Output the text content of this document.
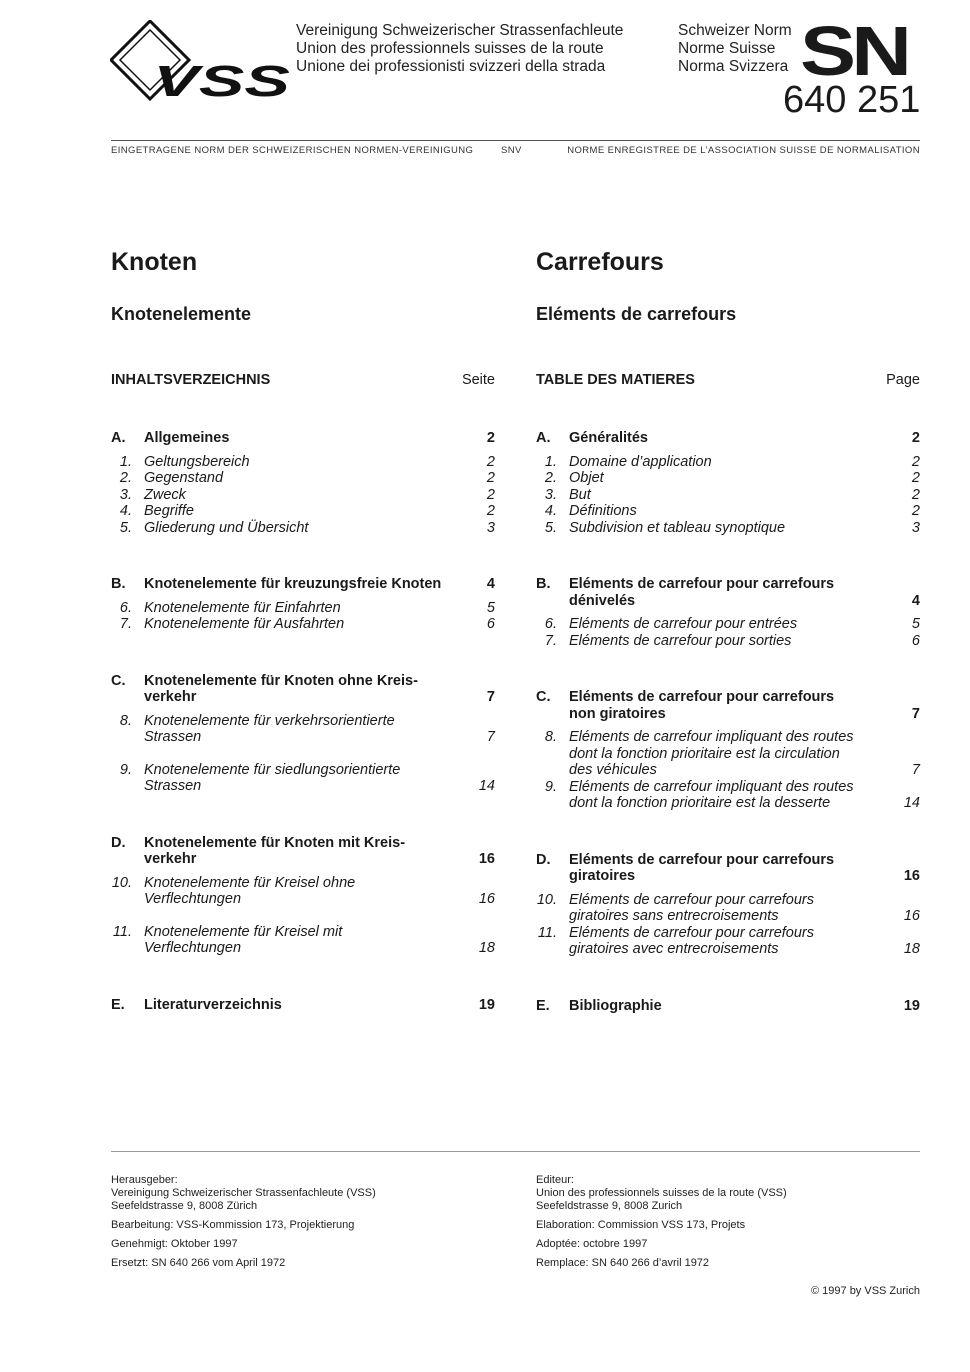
VSS
Vereinigung Schweizerischer Strassenfachleute
Union des professionnels suisses de la route
Unione dei professionisti svizzeri della strada
Schweizer Norm
Norme Suisse
Norma Svizzera SN
640 251
EINGETRAGENE NORM DER SCHWEIZERISCHEN NORMEN-VEREINIGUNG	SNV	NORME ENREGISTREE DE L’ASSOCIATION SUISSE DE NORMALISATION
Knoten
Knotenelemente
Carrefours
Eléments de carrefours
INHALTSVERZEICHNIS	Seite	TABLE DES MATIERES	Page
A.	Allgemeines	2
1. Geltungsbereich	2
2. Gegenstand	2
3. Zweck	2
4. Begriffe	2
5. Gliederung und Übersicht	3
B.	Knotenelemente für kreuzungsfreie Knoten	4
6. Knotenelemente für Einfahrten	5
7. Knotenelemente für Ausfahrten	6
C.	Knotenelemente für Knoten ohne Kreis-
verkehr	7
8. Knotenelemente für verkehrsorientierte
Strassen	7
9. Knotenelemente für siedlungsorientierte
Strassen	14
D.	Knotenelemente für Knoten mit Kreis-
verkehr	16
10. Knotenelemente für Kreisel ohne
Verflechtungen	16
11. Knotenelemente für Kreisel mit
Verflechtungen	18
E.	Literaturverzeichnis	19
A.	Généralités	2
1. Domaine d’application	2
2. Objet	2
3. But	2
4. Définitions	2
5. Subdivision et tableau synoptique	3
B.	Eléments de carrefour pour carrefours
dénivelés	4
6. Eléments de carrefour pour entrées	5
7. Eléments de carrefour pour sorties	6
C.	Eléments de carrefour pour carrefours
non giratoires	7
8. Eléments de carrefour impliquant des routes
dont la fonction prioritaire est la circulation
des véhicules	7
9. Eléments de carrefour impliquant des routes
dont la fonction prioritaire est la desserte	14
D.	Eléments de carrefour pour carrefours
giratoires	16
10. Eléments de carrefour pour carrefours
giratoires sans entrecroisements	16
11. Eléments de carrefour pour carrefours
giratoires avec entrecroisements	18
E.	Bibliographie	19
Herausgeber:
Vereinigung Schweizerischer Strassenfachleute (VSS)
Seefeldstrasse 9, 8008 Zürich
Bearbeitung: VSS-Kommission 173, Projektierung
Genehmigt: Oktober 1997
Ersetzt: SN 640 266 vom April 1972
Editeur:
Union des professionnels suisses de la route (VSS)
Seefeldstrasse 9, 8008 Zurich
Elaboration: Commission VSS 173, Projets
Adoptée: octobre 1997
Remplace: SN 640 266 d’avril 1972
© 1997 by VSS Zurich
